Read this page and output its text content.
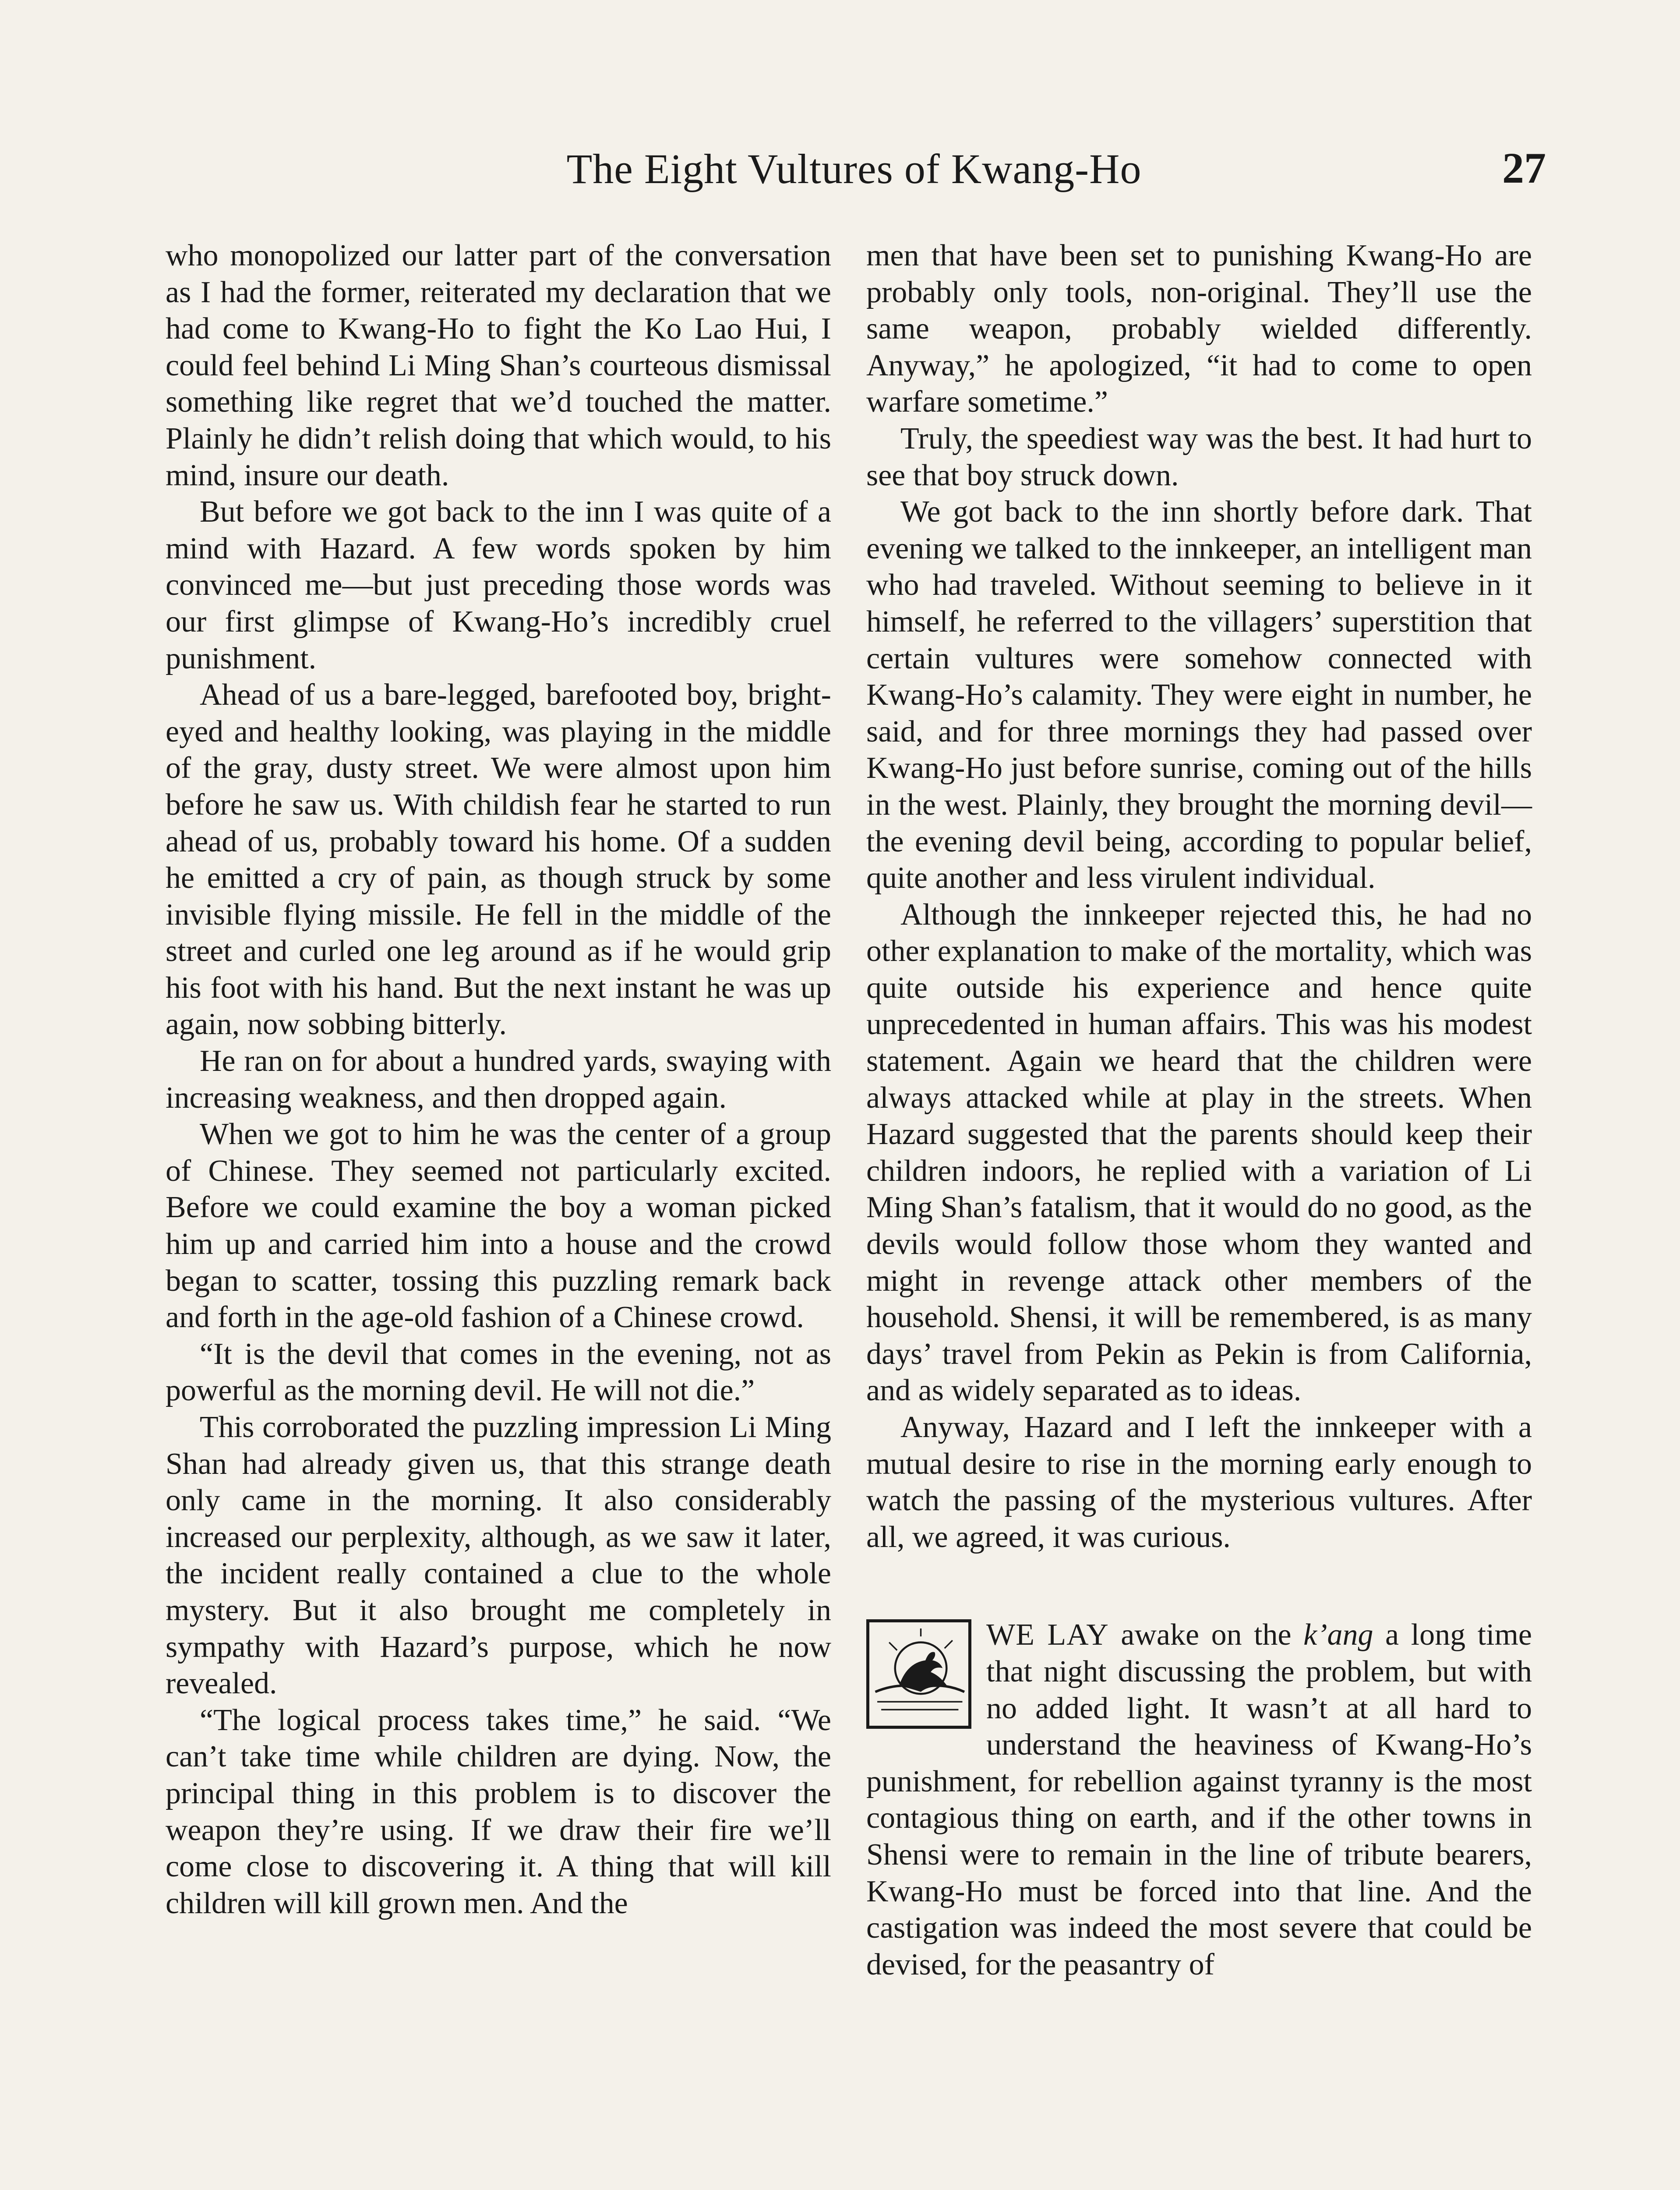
The Eight Vultures of Kwang-Ho	27

who monopolized our latter part of the conversation as I had the former, reiterated my declaration that we had come to Kwang-Ho to fight the Ko Lao Hui, I could feel behind Li Ming Shan’s courteous dismissal something like regret that we’d touched the matter. Plainly he didn’t relish doing that which would, to his mind, insure our death.

But before we got back to the inn I was quite of a mind with Hazard. A few words spoken by him convinced me—but just preceding those words was our first glimpse of Kwang-Ho’s incredibly cruel punishment.

Ahead of us a bare-legged, barefooted boy, bright-eyed and healthy looking, was playing in the middle of the gray, dusty street. We were almost upon him before he saw us. With childish fear he started to run ahead of us, probably toward his home. Of a sudden he emitted a cry of pain, as though struck by some invisible flying missile. He fell in the middle of the street and curled one leg around as if he would grip his foot with his hand. But the next instant he was up again, now sobbing bitterly.

He ran on for about a hundred yards, swaying with increasing weakness, and then dropped again.

When we got to him he was the center of a group of Chinese. They seemed not particularly excited. Before we could examine the boy a woman picked him up and carried him into a house and the crowd began to scatter, tossing this puzzling remark back and forth in the age-old fashion of a Chinese crowd.

“It is the devil that comes in the evening, not as powerful as the morning devil. He will not die.”

This corroborated the puzzling impression Li Ming Shan had already given us, that this strange death only came in the morning. It also considerably increased our perplexity, although, as we saw it later, the incident really contained a clue to the whole mystery. But it also brought me completely in sympathy with Hazard’s purpose, which he now revealed.

“The logical process takes time,” he said. “We can’t take time while children are dying. Now, the principal thing in this problem is to discover the weapon they’re using. If we draw their fire we’ll come close to discovering it. A thing that will kill children will kill grown men. And the

men that have been set to punishing Kwang-Ho are probably only tools, non-original. They’ll use the same weapon, probably wielded differently. Anyway,” he apologized, “it had to come to open warfare sometime.”

Truly, the speediest way was the best. It had hurt to see that boy struck down.

We got back to the inn shortly before dark. That evening we talked to the innkeeper, an intelligent man who had traveled. Without seeming to believe in it himself, he referred to the villagers’ superstition that certain vultures were somehow connected with Kwang-Ho’s calamity. They were eight in number, he said, and for three mornings they had passed over Kwang-Ho just before sunrise, coming out of the hills in the west. Plainly, they brought the morning devil—the evening devil being, according to popular belief, quite another and less virulent individual.

Although the innkeeper rejected this, he had no other explanation to make of the mortality, which was quite outside his experience and hence quite unprecedented in human affairs. This was his modest statement. Again we heard that the children were always attacked while at play in the streets. When Hazard suggested that the parents should keep their children indoors, he replied with a variation of Li Ming Shan’s fatalism, that it would do no good, as the devils would follow those whom they wanted and might in revenge attack other members of the household. Shensi, it will be remembered, is as many days’ travel from Pekin as Pekin is from California, and as widely separated as to ideas.

Anyway, Hazard and I left the innkeeper with a mutual desire to rise in the morning early enough to watch the passing of the mysterious vultures. After all, we agreed, it was curious.

WE LAY awake on the k’ang a long time that night discussing the problem, but with no added light. It wasn’t at all hard to understand the heaviness of Kwang-Ho’s punishment, for rebellion against tyranny is the most contagious thing on earth, and if the other towns in Shensi were to remain in the line of tribute bearers, Kwang-Ho must be forced into that line. And the castigation was indeed the most severe that could be devised, for the peasantry of
